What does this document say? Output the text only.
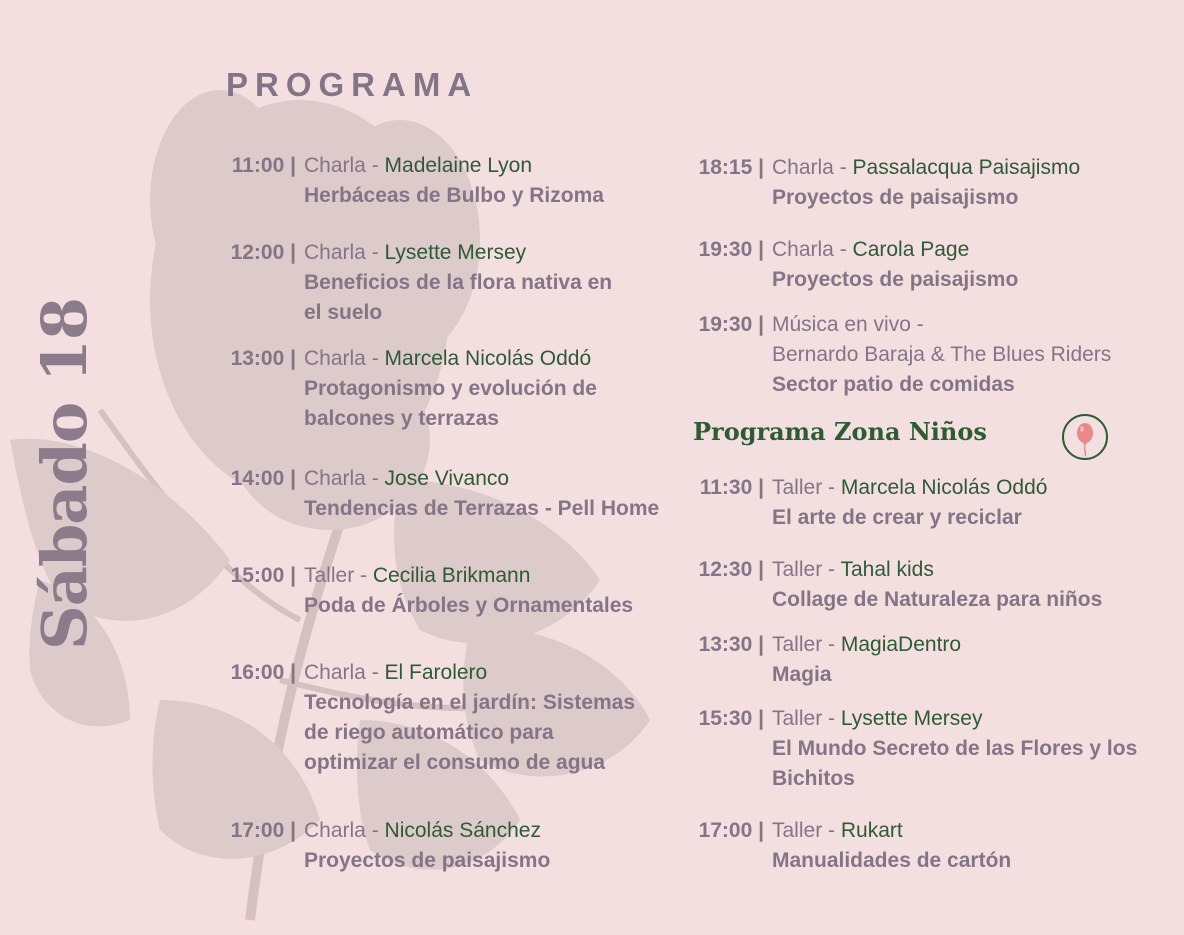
Sábado 18
PROGRAMA
11:00 | Charla - Madelaine Lyon
Herbáceas de Bulbo y Rizoma
12:00 | Charla - Lysette Mersey
Beneficios de la flora nativa en
el suelo
13:00 | Charla - Marcela Nicolás Oddó
Protagonismo y evolución de
balcones y terrazas
14:00 | Charla - Jose Vivanco
Tendencias de Terrazas - Pell Home
15:00 | Taller - Cecilia Brikmann
Poda de Árboles y Ornamentales
16:00 | Charla - El Farolero
Tecnología en el jardín: Sistemas
de riego automático para
optimizar el consumo de agua
17:00 | Charla - Nicolás Sánchez
Proyectos de paisajismo
18:15 | Charla - Passalacqua Paisajismo
Proyectos de paisajismo
19:30 | Charla - Carola Page
Proyectos de paisajismo
19:30 | Música en vivo -
Bernardo Baraja & The Blues Riders
Sector patio de comidas
Programa Zona Niños
11:30 | Taller - Marcela Nicolás Oddó
El arte de crear y reciclar
12:30 | Taller - Tahal kids
Collage de Naturaleza para niños
13:30 | Taller - MagiaDentro
Magia
15:30 | Taller - Lysette Mersey
El Mundo Secreto de las Flores y los
Bichitos
17:00 | Taller - Rukart
Manualidades de cartón
